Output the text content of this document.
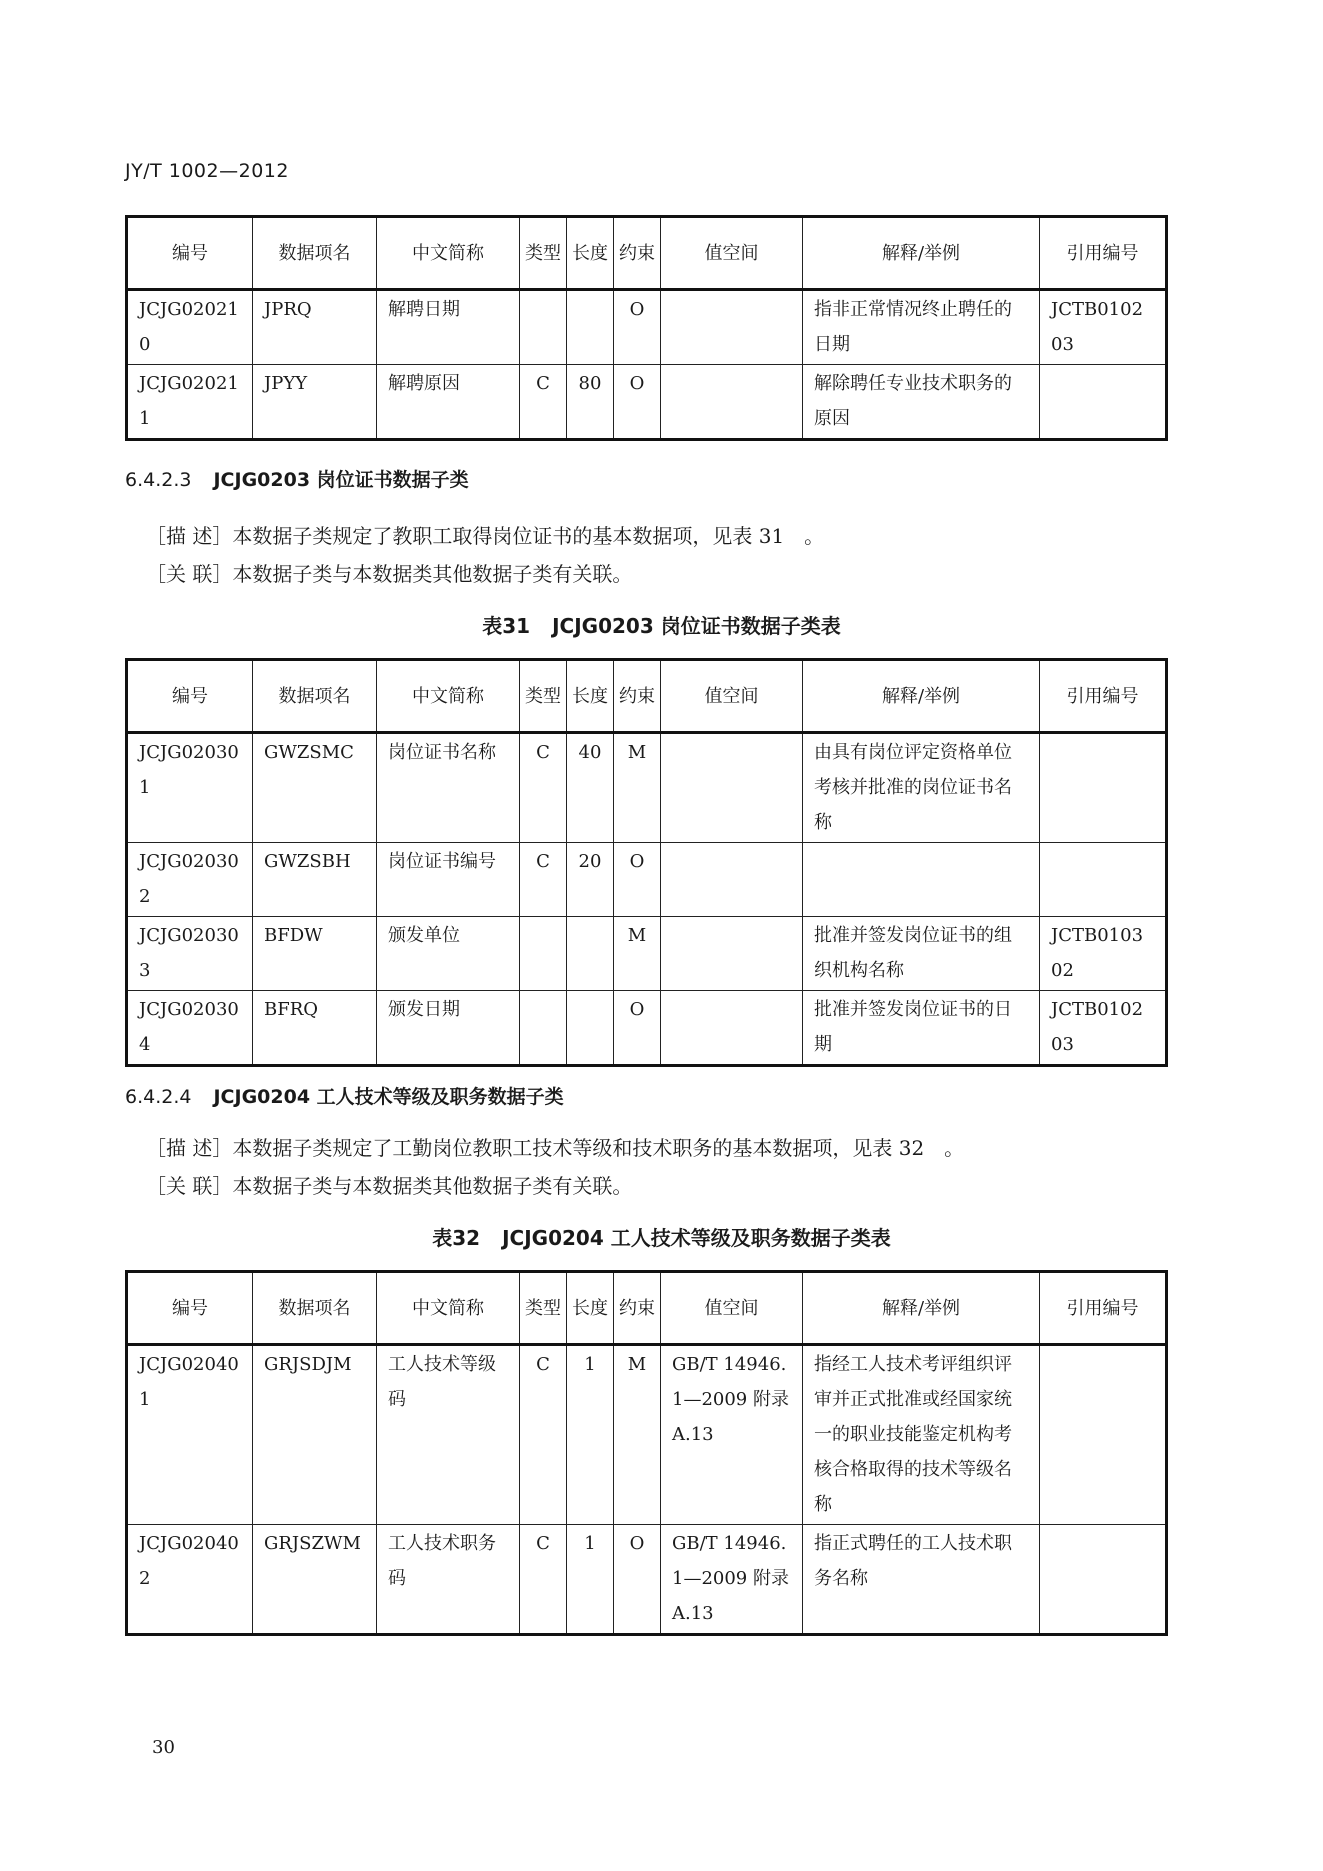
JY/T 1002—2012
编号	数据项名	中文简称	类型	长度	约束	值空间	解释/举例	引用编号
JCJG020210	JPRQ	解聘日期			O		指非正常情况终止聘任的日期	JCTB010203
JCJG020211	JPYY	解聘原因	C	80	O		解除聘任专业技术职务的原因	
6.4.2.3 JCJG0203 岗位证书数据子类
［描 述］本数据子类规定了教职工取得岗位证书的基本数据项，见表 31　。
［关 联］本数据子类与本数据类其他数据子类有关联。
表31 JCJG0203 岗位证书数据子类表
编号	数据项名	中文简称	类型	长度	约束	值空间	解释/举例	引用编号
JCJG020301	GWZSMC	岗位证书名称	C	40	M		由具有岗位评定资格单位考核并批准的岗位证书名称	
JCJG020302	GWZSBH	岗位证书编号	C	20	O			
JCJG020303	BFDW	颁发单位			M		批准并签发岗位证书的组织机构名称	JCTB010302
JCJG020304	BFRQ	颁发日期			O		批准并签发岗位证书的日期	JCTB010203
6.4.2.4 JCJG0204 工人技术等级及职务数据子类
［描 述］本数据子类规定了工勤岗位教职工技术等级和技术职务的基本数据项，见表 32　。
［关 联］本数据子类与本数据类其他数据子类有关联。
表32 JCJG0204 工人技术等级及职务数据子类表
编号	数据项名	中文简称	类型	长度	约束	值空间	解释/举例	引用编号
JCJG020401	GRJSDJM	工人技术等级码	C	1	M	GB/T 14946.1—2009 附录 A.13	指经工人技术考评组织评审并正式批准或经国家统一的职业技能鉴定机构考核合格取得的技术等级名称	
JCJG020402	GRJSZWM	工人技术职务码	C	1	O	GB/T 14946.1—2009 附录 A.13	指正式聘任的工人技术职务名称	
30
